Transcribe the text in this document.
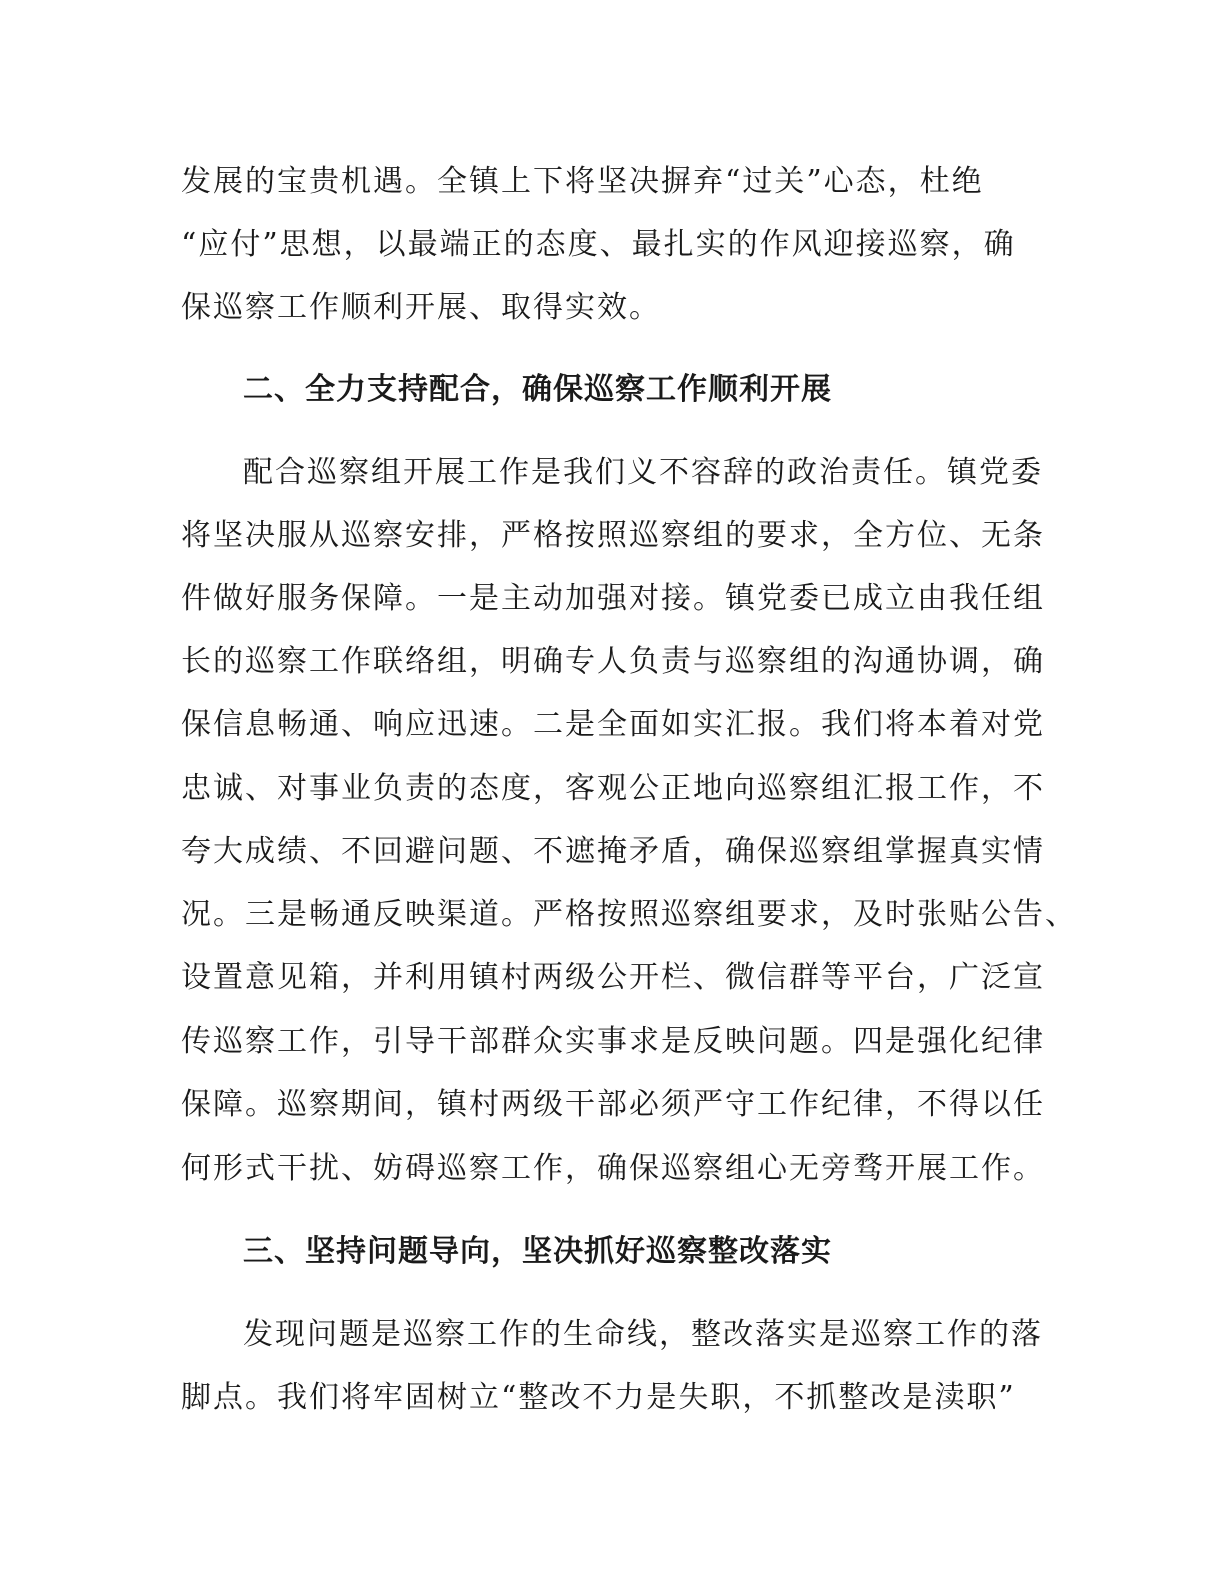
发展的宝贵机遇。全镇上下将坚决摒弃“过关”心态，杜绝
“应付”思想，以最端正的态度、最扎实的作风迎接巡察，确
保巡察工作顺利开展、取得实效。
二、全力支持配合，确保巡察工作顺利开展
配合巡察组开展工作是我们义不容辞的政治责任。镇党委
将坚决服从巡察安排，严格按照巡察组的要求，全方位、无条
件做好服务保障。一是主动加强对接。镇党委已成立由我任组
长的巡察工作联络组，明确专人负责与巡察组的沟通协调，确
保信息畅通、响应迅速。二是全面如实汇报。我们将本着对党
忠诚、对事业负责的态度，客观公正地向巡察组汇报工作，不
夸大成绩、不回避问题、不遮掩矛盾，确保巡察组掌握真实情
况。三是畅通反映渠道。严格按照巡察组要求，及时张贴公告、
设置意见箱，并利用镇村两级公开栏、微信群等平台，广泛宣
传巡察工作，引导干部群众实事求是反映问题。四是强化纪律
保障。巡察期间，镇村两级干部必须严守工作纪律，不得以任
何形式干扰、妨碍巡察工作，确保巡察组心无旁骛开展工作。
三、坚持问题导向，坚决抓好巡察整改落实
发现问题是巡察工作的生命线，整改落实是巡察工作的落
脚点。我们将牢固树立“整改不力是失职，不抓整改是渎职”
